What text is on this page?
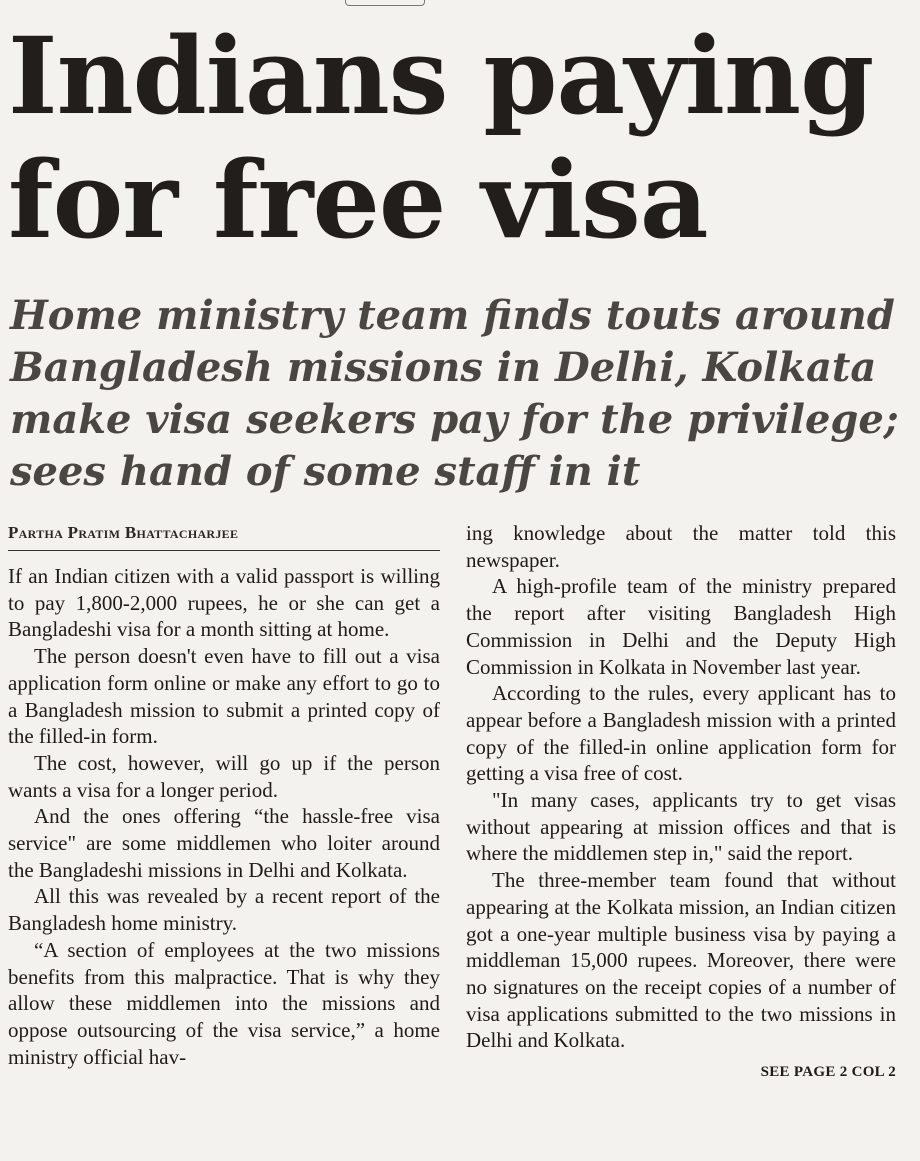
Indians paying
for free visa
Home ministry team finds touts around
Bangladesh missions in Delhi, Kolkata
make visa seekers pay for the privilege;
sees hand of some staff in it
Partha Pratim Bhattacharjee

If an Indian citizen with a valid passport is willing to pay 1,800-2,000 rupees, he or she can get a Bangladeshi visa for a month sitting at home.

The person doesn't even have to fill out a visa application form online or make any effort to go to a Bangladesh mission to submit a printed copy of the filled-in form.

The cost, however, will go up if the person wants a visa for a longer period.

And the ones offering “the hassle-free visa service" are some middlemen who loiter around the Bangladeshi missions in Delhi and Kolkata.

All this was revealed by a recent report of the Bangladesh home ministry.

“A section of employees at the two missions benefits from this malpractice. That is why they allow these middlemen into the missions and oppose outsourcing of the visa service,” a home ministry official hav-

ing knowledge about the matter told this newspaper.

A high-profile team of the ministry prepared the report after visiting Bangladesh High Commission in Delhi and the Deputy High Commission in Kolkata in November last year.

According to the rules, every applicant has to appear before a Bangladesh mission with a printed copy of the filled-in online application form for getting a visa free of cost.

"In many cases, applicants try to get visas without appearing at mission offices and that is where the middlemen step in," said the report.

The three-member team found that without appearing at the Kolkata mission, an Indian citizen got a one-year multiple business visa by paying a middleman 15,000 rupees. Moreover, there were no signatures on the receipt copies of a number of visa applications submitted to the two missions in Delhi and Kolkata.

SEE PAGE 2 COL 2
